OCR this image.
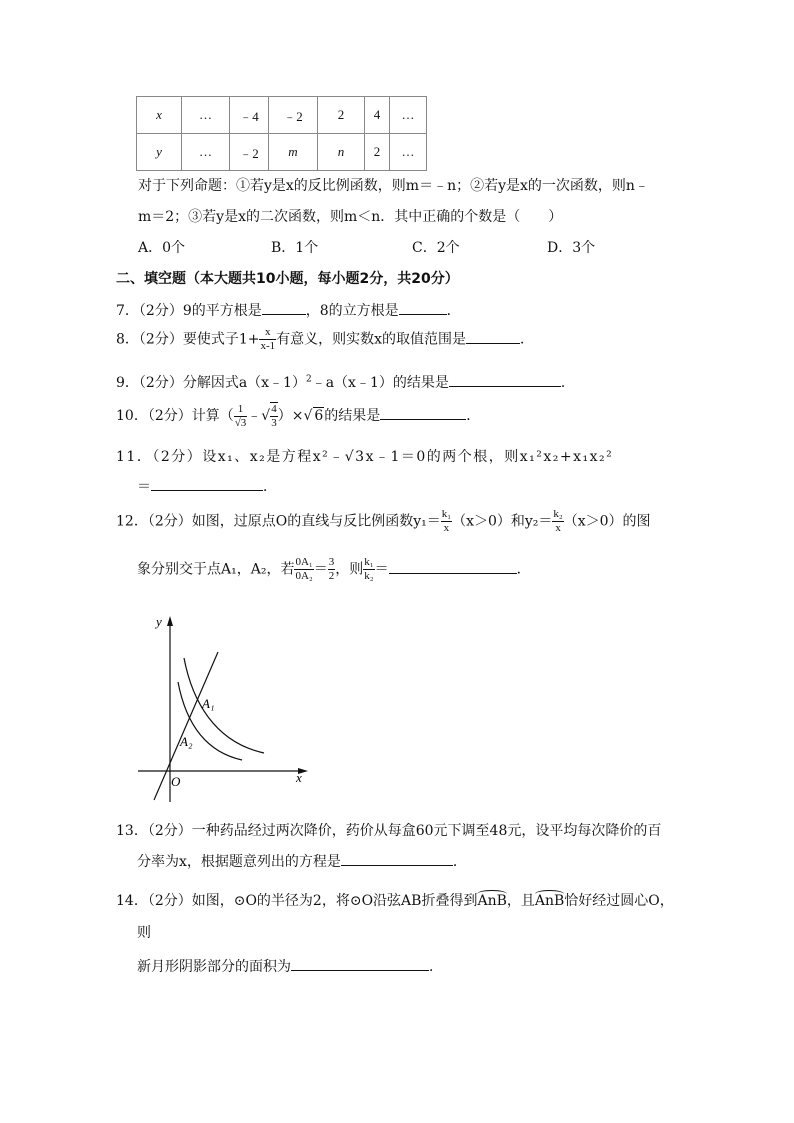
x	…	﹣4	﹣2	2	4	…
y	…	﹣2	m	n	2	…
对于下列命题：①若y是x的反比例函数，则m＝﹣n；②若y是x的一次函数，则n﹣
m＝2；③若y是x的二次函数，则m＜n．其中正确的个数是（　　）
A．0个	B．1个	C．2个	D．3个
二、填空题（本大题共10小题，每小题2分，共20分）
7．（2分）9的平方根是	，8的立方根是	．
8．（2分）要使式子$1+ \frac{x}{x-1}$ 有意义，则实数x的取值范围是	．
9．（2分）分解因式a（x﹣1）$^2$﹣a（x﹣1）的结果是	．
10．（2分）计算（ $\frac{1}{√3}$ ﹣√ $\frac{4}{3}$ ）×√ 6的结果是	．
11．（2分）设x₁、x₂是方程x²﹣√3x﹣1＝0的两个根，则x₁²x₂+x₁x₂²
＝	．
12．（2分）如图，过原点O的直线与反比例函数$y_1= \frac{\text{k₁}}{x} (x>0)$和$y_2= \frac{\text{k₂}}{x} (x>0)$的图
象分别交于点A₁，A₂，若 $\frac{\text{0A₁}}{\text{0A₂}} = \frac{3}{2}$ ，则 $\frac{\text{k₁}}{\text{k₂}}$ ＝	．
y
x
O
A₁
A₂
13．（2分）一种药品经过两次降价，药价从每盒60元下调至48元，设平均每次降价的百
分率为x，根据题意列出的方程是	．
14．（2分）如图，⊙O的半径为2，将⊙O沿弦AB折叠得到AnB，且AnB恰好经过圆心O，
则
新月形阴影部分的面积为	．
